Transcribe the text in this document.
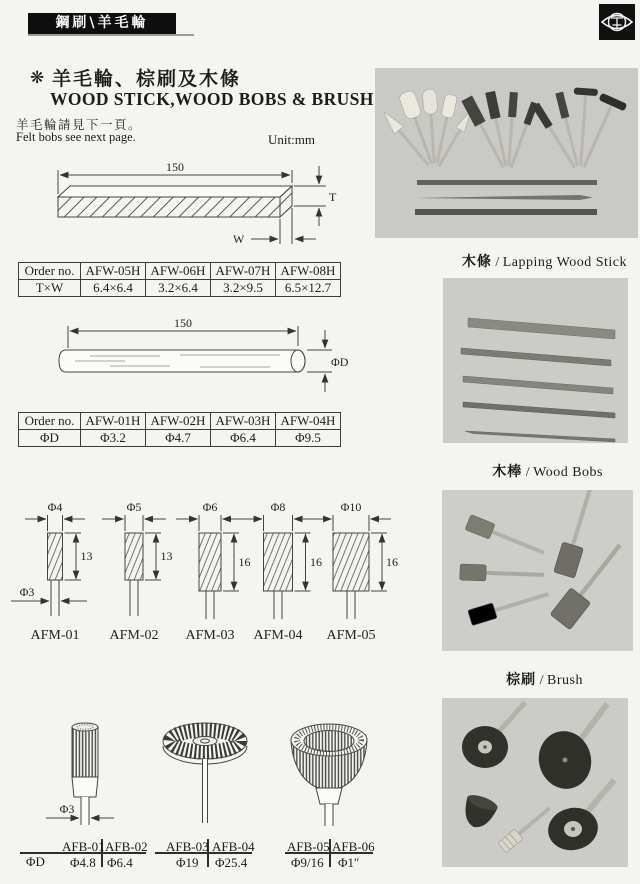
鋼刷\羊毛輪
❋ 羊毛輪、棕刷及木條
WOOD STICK,WOOD BOBS & BRUSH
羊毛輪請見下一頁。
Felt bobs see next page.	Unit:mm
150
T
W
Order no.	AFW-05H	AFW-06H	AFW-07H	AFW-08H
T×W	6.4×6.4	3.2×6.4	3.2×9.5	6.5×12.7
150
ΦD
Order no.	AFW-01H	AFW-02H	AFW-03H	AFW-04H
ΦD	Φ3.2	Φ4.7	Φ6.4	Φ9.5
Φ4
13
Φ3
AFM-01
Φ5
13
AFM-02
Φ6
16
AFM-03
Φ8
16
AFM-04
Φ10
16
AFM-05
Φ3
ΦD
AFB-01 AFB-02
Φ4.8 Φ6.4
AFB-03 AFB-04
Φ19 Φ25.4
AFB-05 AFB-06
Φ9/16 Φ1″
木條 / Lapping Wood Stick
木棒 / Wood Bobs
棕刷 / Brush
